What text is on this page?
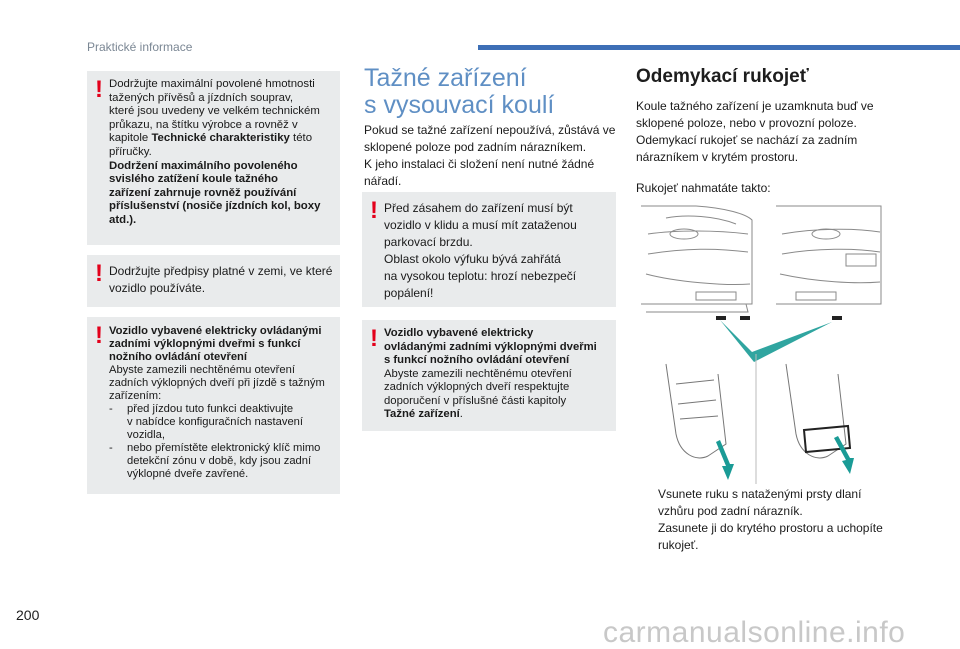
Praktické informace
! Dodržujte maximální povolené hmotnosti

tažených přívěsů a jízdních souprav,

které jsou uvedeny ve velkém technickém

průkazu, na štítku výrobce a rovněž v

kapitole Technické charakteristiky této

příručky.

Dodržení maximálního povoleného

svislého zatížení koule tažného

zařízení zahrnuje rovněž používání

příslušenství (nosiče jízdních kol, boxy

atd.).

! Dodržujte předpisy platné v zemi, ve které

vozidlo používáte.

! Vozidlo vybavené elektricky ovládanými

zadními výklopnými dveřmi s funkcí

nožního ovládání otevření

Abyste zamezili nechtěnému otevření

zadních výklopných dveří při jízdě s tažným

zařízením:

-	před jízdou tuto funkci deaktivujte

v nabídce konfiguračních nastavení

vozidla,

-	nebo přemístěte elektronický klíč mimo

detekční zónu v době, kdy jsou zadní

výklopné dveře zavřené.

Tažné zařízení
s vysouvací koulí

Pokud se tažné zařízení nepoužívá, zůstává ve

sklopené poloze pod zadním nárazníkem.

K jeho instalaci či složení není nutné žádné

nářadí.

! Před zásahem do zařízení musí být

vozidlo v klidu a musí mít zataženou

parkovací brzdu.

Oblast okolo výfuku bývá zahřátá

na vysokou teplotu: hrozí nebezpečí

popálení!

! Vozidlo vybavené elektricky

ovládanými zadními výklopnými dveřmi

s funkcí nožního ovládání otevření

Abyste zamezili nechtěnému otevření

zadních výklopných dveří respektujte

doporučení v příslušné části kapitoly

Tažné zařízení.

Odemykací rukojeť

Koule tažného zařízení je uzamknuta buď ve

sklopené poloze, nebo v provozní poloze.

Odemykací rukojeť se nachází za zadním

nárazníkem v krytém prostoru.

Rukojeť nahmatáte takto:

Vsunete ruku s nataženými prsty dlaní

vzhůru pod zadní nárazník.

Zasunete ji do krytého prostoru a uchopíte

rukojeť.

200
carmanualsonline.info
